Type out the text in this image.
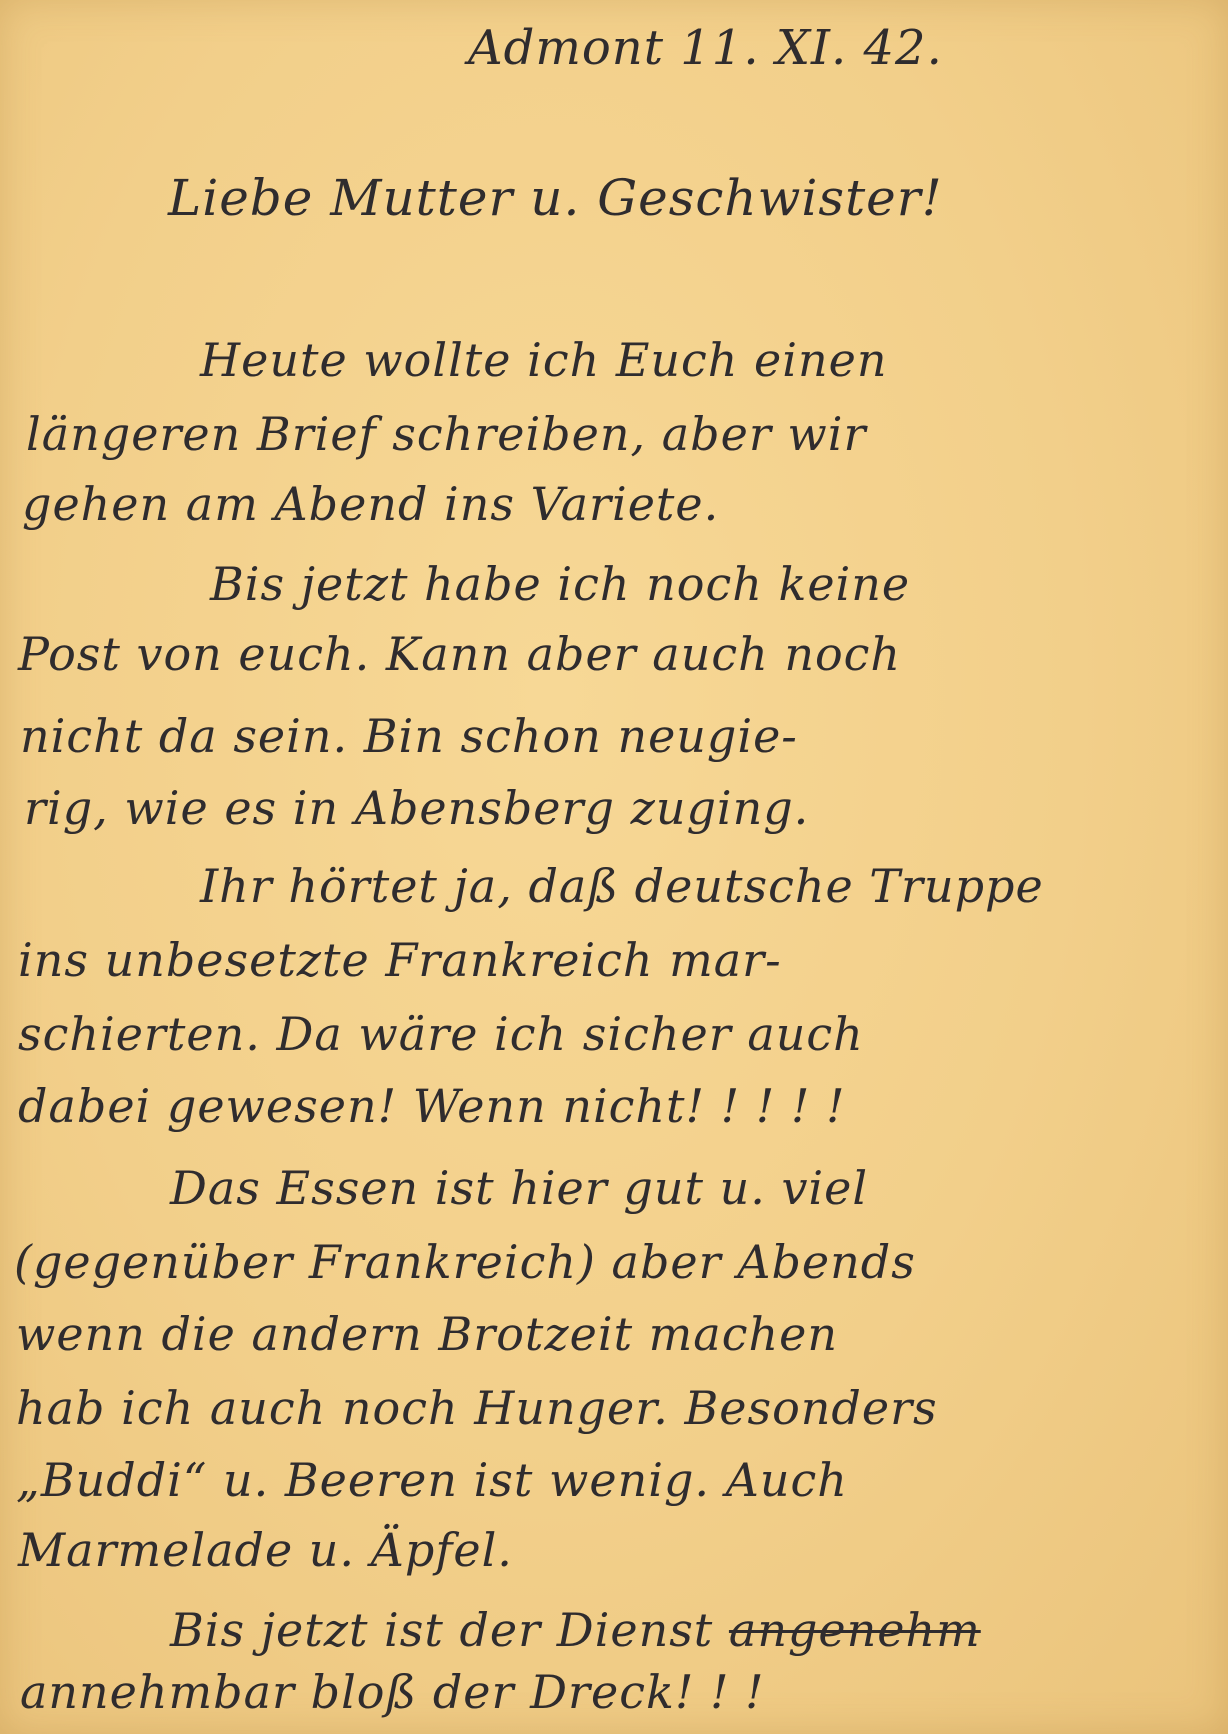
Admont 11. XI. 42.
Liebe Mutter u. Geschwister!
Heute wollte ich Euch einen
längeren Brief schreiben, aber wir
gehen am Abend ins Variete.
Bis jetzt habe ich noch keine
Post von euch. Kann aber auch noch
nicht da sein. Bin schon neugie-
rig, wie es in Abensberg zuging.
Ihr hörtet ja, daß deutsche Truppe
ins unbesetzte Frankreich mar-
schierten. Da wäre ich sicher auch
dabei gewesen! Wenn nicht! ! ! ! !
Das Essen ist hier gut u. viel
(gegenüber Frankreich) aber Abends
wenn die andern Brotzeit machen
hab ich auch noch Hunger. Besonders
„Buddi“ u. Beeren ist wenig. Auch
Marmelade u. Äpfel.
Bis jetzt ist der Dienst angenehm
annehmbar bloß der Dreck! ! !
